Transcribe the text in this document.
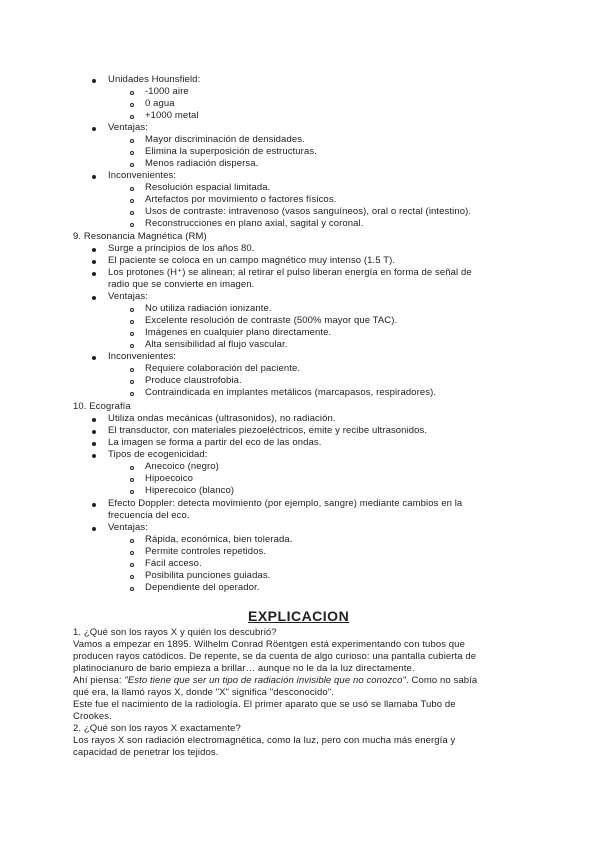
Unidades Hounsfield:
-1000 aire
0 agua
+1000 metal
Ventajas:
Mayor discriminación de densidades.
Elimina la superposición de estructuras.
Menos radiación dispersa.
Inconvenientes:
Resolución espacial limitada.
Artefactos por movimiento o factores físicos.
Usos de contraste: intravenoso (vasos sanguíneos), oral o rectal (intestino).
Reconstrucciones en plano axial, sagital y coronal.
9. Resonancia Magnética (RM)
Surge a principios de los años 80.
El paciente se coloca en un campo magnético muy intenso (1.5 T).
Los protones (H⁺) se alinean; al retirar el pulso liberan energía en forma de señal de
radio que se convierte en imagen.
Ventajas:
No utiliza radiación ionizante.
Excelente resolución de contraste (500% mayor que TAC).
Imágenes en cualquier plano directamente.
Alta sensibilidad al flujo vascular.
Inconvenientes:
Requiere colaboración del paciente.
Produce claustrofobia.
Contraindicada en implantes metálicos (marcapasos, respiradores).
10. Ecografía
Utiliza ondas mecánicas (ultrasonidos), no radiación.
El transductor, con materiales piezoeléctricos, emite y recibe ultrasonidos.
La imagen se forma a partir del eco de las ondas.
Tipos de ecogenicidad:
Anecoico (negro)
Hipoecoico
Hiperecoico (blanco)
Efecto Doppler: detecta movimiento (por ejemplo, sangre) mediante cambios en la
frecuencia del eco.
Ventajas:
Rápida, económica, bien tolerada.
Permite controles repetidos.
Fácil acceso.
Posibilita punciones guiadas.
Dependiente del operador.
EXPLICACION
1. ¿Qué son los rayos X y quién los descubrió?
Vamos a empezar en 1895. Wilhelm Conrad Röentgen está experimentando con tubos que
producen rayos catódicos. De repente, se da cuenta de algo curioso: una pantalla cubierta de
platinocianuro de bario empieza a brillar… aunque no le da la luz directamente.
Ahí piensa: "Esto tiene que ser un tipo de radiación invisible que no conozco". Como no sabía
qué era, la llamó rayos X, donde "X" significa "desconocido".
Este fue el nacimiento de la radiología. El primer aparato que se usó se llamaba Tubo de
Crookes.
2. ¿Qué son los rayos X exactamente?
Los rayos X son radiación electromagnética, como la luz, pero con mucha más energía y
capacidad de penetrar los tejidos.
